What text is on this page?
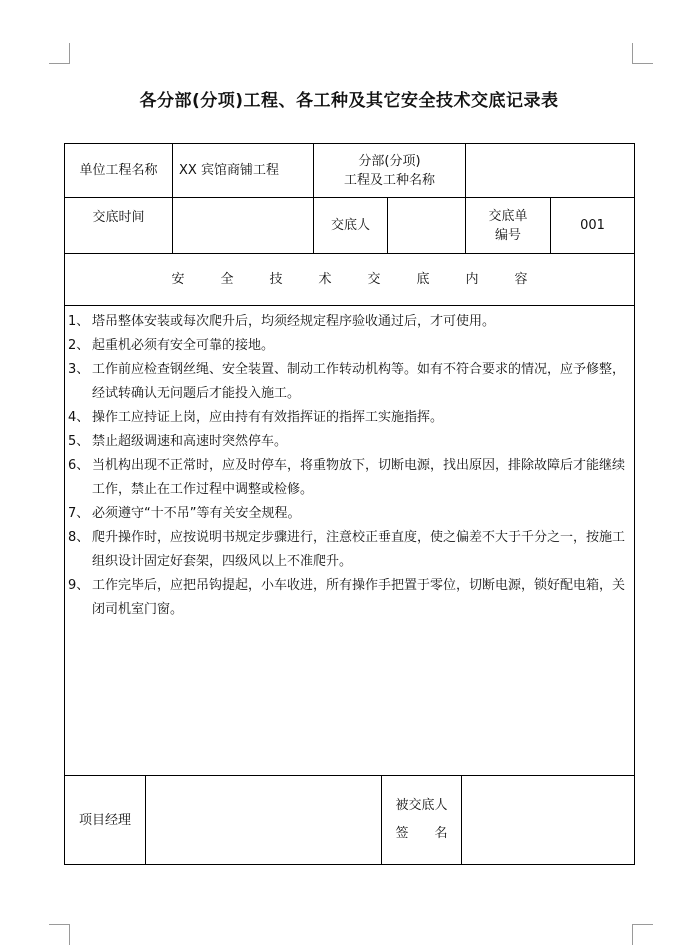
各分部(分项)工程、各工种及其它安全技术交底记录表
单位工程名称	XX 宾馆商铺工程
分部(分项)
工程及工种名称
交底时间
交底人
交底单
编号
001
安全技术交底内容
1、 塔吊整体安装或每次爬升后，均须经规定程序验收通过后，才可使用。
2、 起重机必须有安全可靠的接地。
3、 工作前应检查钢丝绳、安全装置、制动工作转动机构等。如有不符合要求的情况，应予修整，经试转确认无问题后才能投入施工。
4、 操作工应持证上岗，应由持有有效指挥证的指挥工实施指挥。
5、 禁止超级调速和高速时突然停车。
6、 当机构出现不正常时，应及时停车，将重物放下，切断电源，找出原因，排除故障后才能继续工作，禁止在工作过程中调整或检修。
7、 必须遵守“十不吊”等有关安全规程。
8、 爬升操作时，应按说明书规定步骤进行，注意校正垂直度，使之偏差不大于千分之一，按施工组织设计固定好套架，四级风以上不准爬升。
9、 工作完毕后，应把吊钩提起，小车收进，所有操作手把置于零位，切断电源，锁好配电箱，关闭司机室门窗。
项目经理
被交底人
签名
